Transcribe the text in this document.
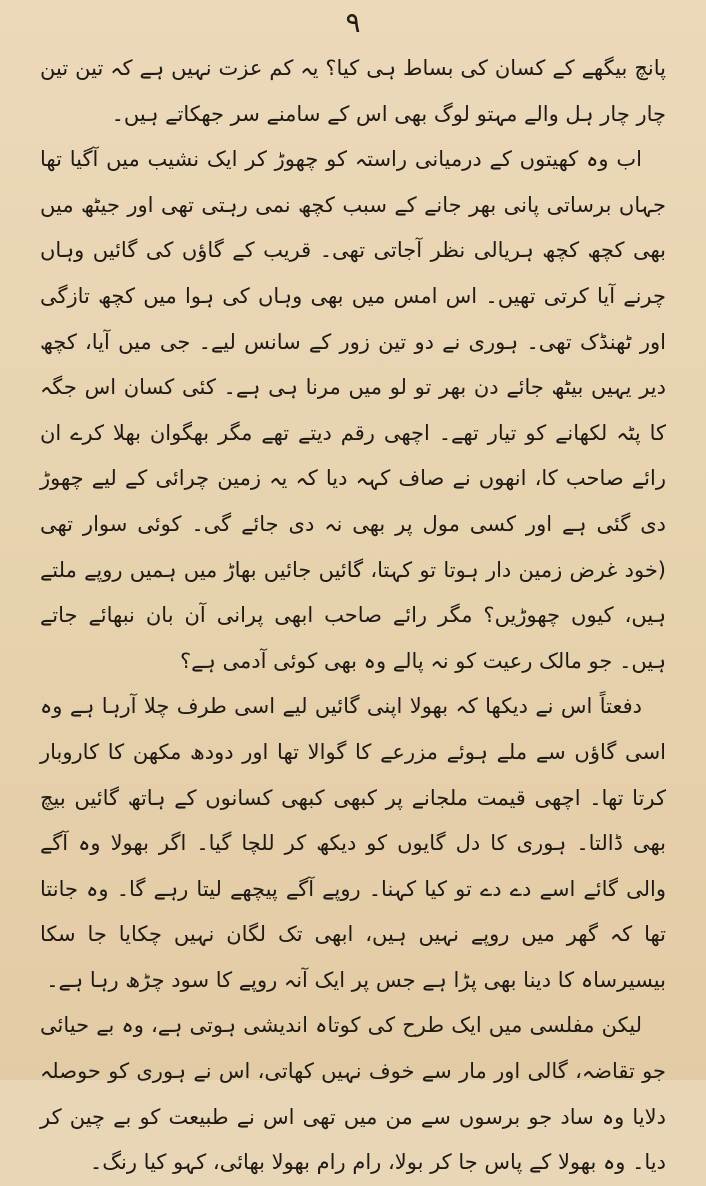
۹

پانچ بیگھے کے کسان کی بساط ہی کیا؟ یہ کم عزت نہیں ہے کہ تین تین چار چار ہل والے مہتو لوگ بھی اس کے سامنے سر جھکاتے ہیں۔

اب وہ کھیتوں کے درمیانی راستہ کو چھوڑ کر ایک نشیب میں آگیا تھا جہاں برساتی پانی بھر جانے کے سبب کچھ نمی رہتی تھی اور جیٹھ میں بھی کچھ کچھ ہریالی نظر آجاتی تھی۔ قریب کے گاؤں کی گائیں وہاں چرنے آیا کرتی تھیں۔ اس امس میں بھی وہاں کی ہوا میں کچھ تازگی اور ٹھنڈک تھی۔ ہوری نے دو تین زور کے سانس لیے۔ جی میں آیا، کچھ دیر یہیں بیٹھ جائے دن بھر تو لو میں مرنا ہی ہے۔ کئی کسان اس جگہ کا پٹہ لکھانے کو تیار تھے۔ اچھی رقم دیتے تھے مگر بھگوان بھلا کرے ان رائے صاحب کا، انھوں نے صاف کہہ دیا کہ یہ زمین چرائی کے لیے چھوڑ دی گئی ہے اور کسی مول پر بھی نہ دی جائے گی۔ کوئی سوار تھی (خود غرض زمین دار ہوتا تو کہتا، گائیں جائیں بھاڑ میں ہمیں روپے ملتے ہیں، کیوں چھوڑیں؟ مگر رائے صاحب ابھی پرانی آن بان نبھائے جاتے ہیں۔ جو مالک رعیت کو نہ پالے وہ بھی کوئی آدمی ہے؟

دفعتاً اس نے دیکھا کہ بھولا اپنی گائیں لیے اسی طرف چلا آرہا ہے وہ اسی گاؤں سے ملے ہوئے مزرعے کا گوالا تھا اور دودھ مکھن کا کاروبار کرتا تھا۔ اچھی قیمت ملجانے پر کبھی کبھی کسانوں کے ہاتھ گائیں بیچ بھی ڈالتا۔ ہوری کا دل گایوں کو دیکھ کر للچا گیا۔ اگر بھولا وہ آگے والی گائے اسے دے دے تو کیا کہنا۔ روپے آگے پیچھے لیتا رہے گا۔ وہ جانتا تھا کہ گھر میں روپے نہیں ہیں، ابھی تک لگان نہیں چکایا جا سکا بیسیرساہ کا دینا بھی پڑا ہے جس پر ایک آنہ روپے کا سود چڑھ رہا ہے۔

لیکن مفلسی میں ایک طرح کی کوتاہ اندیشی ہوتی ہے، وہ بے حیائی جو تقاضہ، گالی اور مار سے خوف نہیں کھاتی، اس نے ہوری کو حوصلہ دلایا وہ ساد جو برسوں سے من میں تھی اس نے طبیعت کو بے چین کر دیا۔ وہ بھولا کے پاس جا کر بولا، رام رام بھولا بھائی، کہو کیا رنگ۔
